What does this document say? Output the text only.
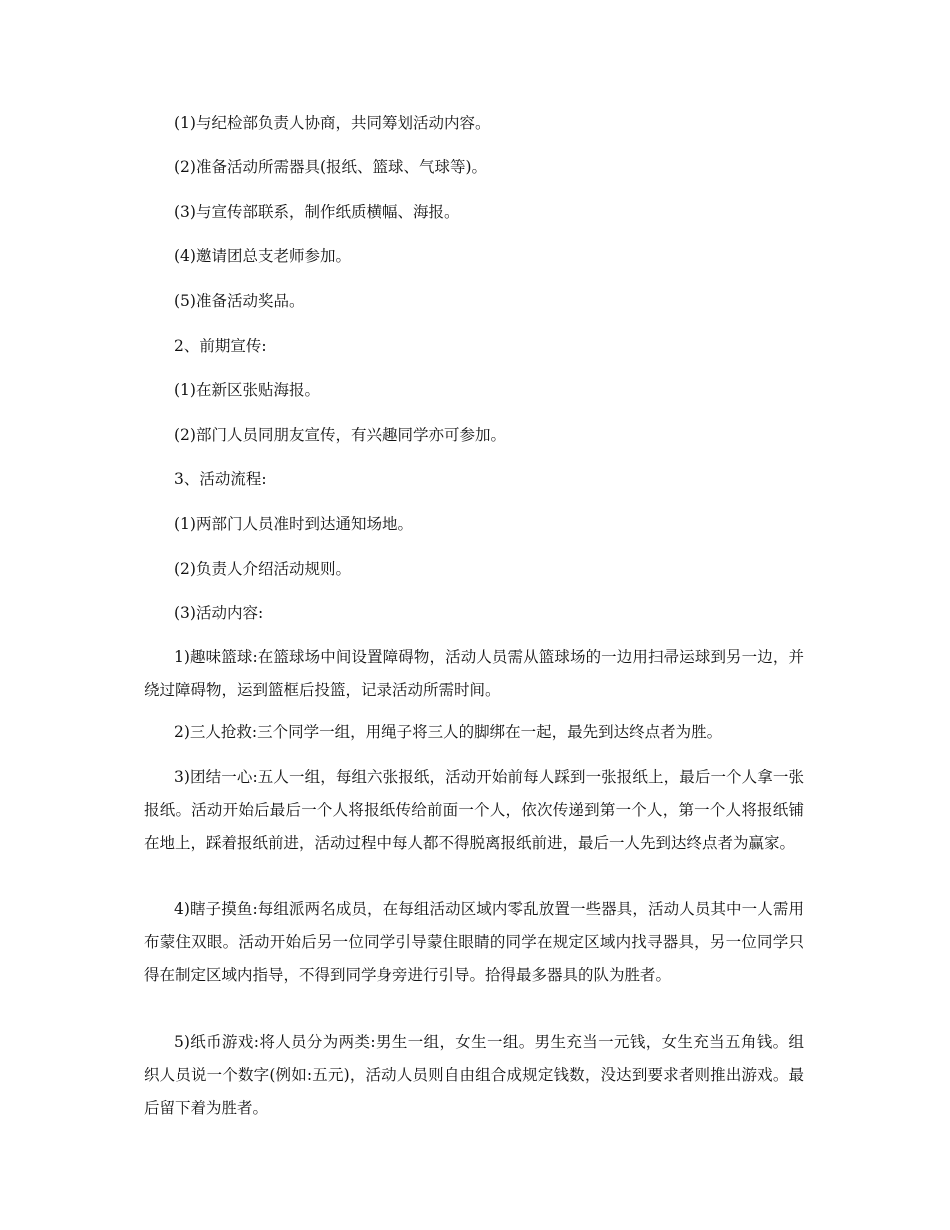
(1)与纪检部负责人协商，共同筹划活动内容。
(2)准备活动所需器具(报纸、篮球、气球等)。
(3)与宣传部联系，制作纸质横幅、海报。
(4)邀请团总支老师参加。
(5)准备活动奖品。
2、前期宣传:
(1)在新区张贴海报。
(2)部门人员同朋友宣传，有兴趣同学亦可参加。
3、活动流程:
(1)两部门人员准时到达通知场地。
(2)负责人介绍活动规则。
(3)活动内容:

1)趣味篮球:在篮球场中间设置障碍物，活动人员需从篮球场的一边用扫帚运球到另一边，并绕过障碍物，运到篮框后投篮，记录活动所需时间。

2)三人抢救:三个同学一组，用绳子将三人的脚绑在一起，最先到达终点者为胜。

3)团结一心:五人一组，每组六张报纸，活动开始前每人踩到一张报纸上，最后一个人拿一张报纸。活动开始后最后一个人将报纸传给前面一个人，依次传递到第一个人，第一个人将报纸铺在地上，踩着报纸前进，活动过程中每人都不得脱离报纸前进，最后一人先到达终点者为赢家。

4)瞎子摸鱼:每组派两名成员，在每组活动区域内零乱放置一些器具，活动人员其中一人需用布蒙住双眼。活动开始后另一位同学引导蒙住眼睛的同学在规定区域内找寻器具，另一位同学只得在制定区域内指导，不得到同学身旁进行引导。拾得最多器具的队为胜者。

5)纸币游戏:将人员分为两类:男生一组，女生一组。男生充当一元钱，女生充当五角钱。组织人员说一个数字(例如:五元)，活动人员则自由组合成规定钱数，没达到要求者则推出游戏。最后留下着为胜者。
